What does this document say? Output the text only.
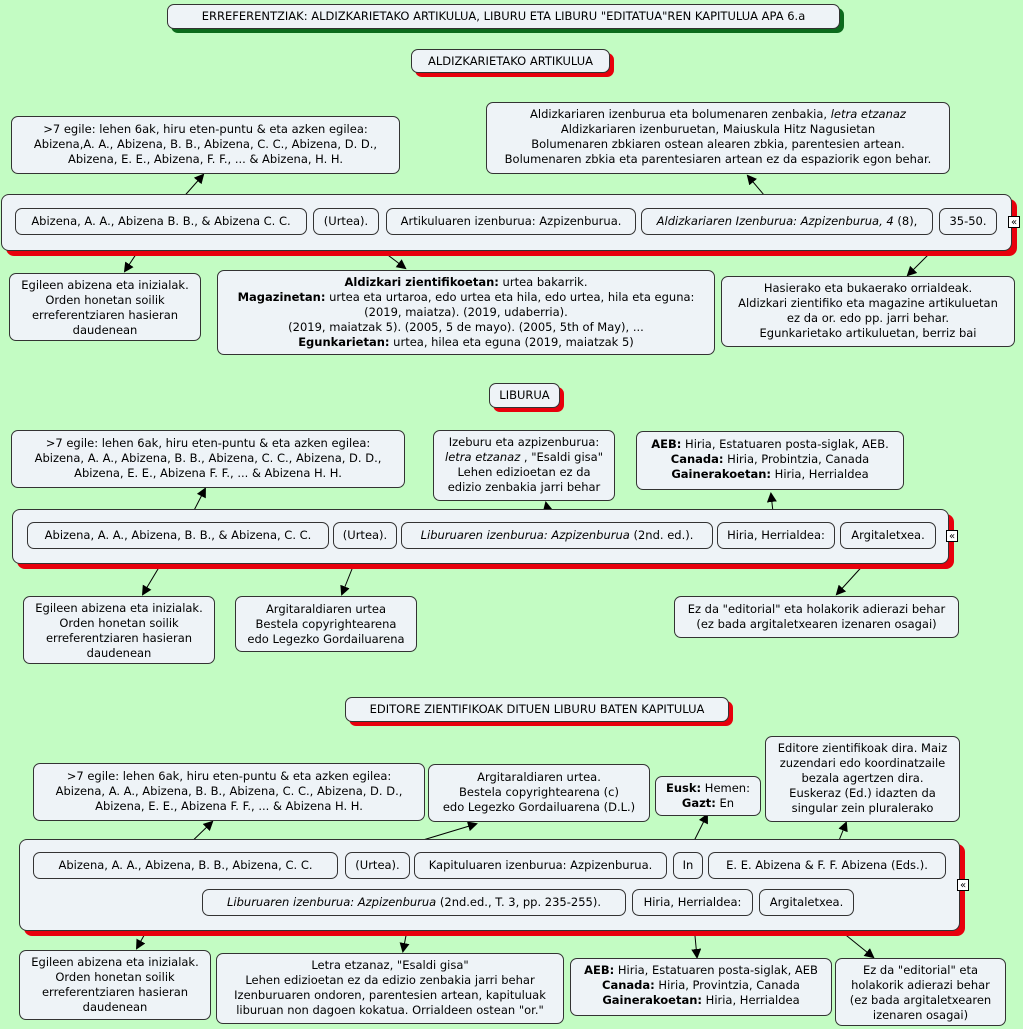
ERREFERENTZIAK: ALDIZKARIETAKO ARTIKULUA, LIBURU ETA LIBURU "EDITATUA"REN KAPITULUA APA 6.a
ALDIZKARIETAKO ARTIKULUA
>7 egile: lehen 6ak, hiru eten-puntu & eta azken egilea:
Abizena,A. A., Abizena, B. B., Abizena, C. C., Abizena, D. D.,
Abizena, E. E., Abizena, F. F., ... & Abizena, H. H.
Aldizkariaren izenburua eta bolumenaren zenbakia, letra etzanaz
Aldizkariaren izenburuetan, Maiuskula Hitz Nagusietan
Bolumenaren zbkiaren ostean alearen zbkia, parentesien artean.
Bolumenaren zbkia eta parentesiaren artean ez da espaziorik egon behar.
«
Abizena, A. A., Abizena B. B., & Abizena C. C.	(Urtea).	Artikuluaren izenburua: Azpizenburua.	Aldizkariaren Izenburua: Azpizenburua, 4 (8),	35-50.
Egileen abizena eta inizialak.
Orden honetan soilik
erreferentziaren hasieran
daudenean
Aldizkari zientifikoetan: urtea bakarrik.
Magazinetan: urtea eta urtaroa, edo urtea eta hila, edo urtea, hila eta eguna:
(2019, maiatza). (2019, udaberria).
(2019, maiatzak 5). (2005, 5 de mayo). (2005, 5th of May), ...
Egunkarietan: urtea, hilea eta eguna (2019, maiatzak 5)
Hasierako eta bukaerako orrialdeak.
Aldizkari zientifiko eta magazine artikuluetan
ez da or. edo pp. jarri behar.
Egunkarietako artikuluetan, berriz bai
LIBURUA
>7 egile: lehen 6ak, hiru eten-puntu & eta azken egilea:
Abizena, A. A., Abizena, B. B., Abizena, C. C., Abizena, D. D.,
Abizena, E. E., Abizena F. F., ... & Abizena H. H.
Izeburu eta azpizenburua:
letra etzanaz , "Esaldi gisa"
Lehen edizioetan ez da
edizio zenbakia jarri behar
AEB: Hiria, Estatuaren posta-siglak, AEB.
Canada: Hiria, Probintzia, Canada
Gainerakoetan: Hiria, Herrialdea
«
Abizena, A. A., Abizena, B. B., & Abizena, C. C.	(Urtea).	Liburuaren izenburua: Azpizenburua (2nd. ed.).	Hiria, Herrialdea:	Argitaletxea.
Egileen abizena eta inizialak.
Orden honetan soilik
erreferentziaren hasieran
daudenean
Argitaraldiaren urtea
Bestela copyrightearena
edo Legezko Gordailuarena
Ez da "editorial" eta holakorik adierazi behar
(ez bada argitaletxearen izenaren osagai)
EDITORE ZIENTIFIKOAK DITUEN LIBURU BATEN KAPITULUA
>7 egile: lehen 6ak, hiru eten-puntu & eta azken egilea:
Abizena, A. A., Abizena, B. B., Abizena, C. C., Abizena, D. D.,
Abizena, E. E., Abizena F. F., ... & Abizena H. H.
Argitaraldiaren urtea.
Bestela copyrightearena (c)
edo Legezko Gordailuarena (D.L.)
Eusk: Hemen:
Gazt: En
Editore zientifikoak dira. Maiz
zuzendari edo koordinatzaile
bezala agertzen dira.
Euskeraz (Ed.) idazten da
singular zein pluralerako
«
Abizena, A. A., Abizena, B. B., Abizena, C. C.	(Urtea).	Kapituluaren izenburua: Azpizenburua.	In	E. E. Abizena & F. F. Abizena (Eds.).
Liburuaren izenburua: Azpizenburua (2nd.ed., T. 3, pp. 235-255).	Hiria, Herrialdea:	Argitaletxea.
Egileen abizena eta inizialak.
Orden honetan soilik
erreferentziaren hasieran
daudenean
Letra etzanaz, "Esaldi gisa"
Lehen edizioetan ez da edizio zenbakia jarri behar
Izenburuaren ondoren, parentesien artean, kapituluak
liburuan non dagoen kokatua. Orrialdeen ostean "or."
AEB: Hiria, Estatuaren posta-siglak, AEB
Canada: Hiria, Provintzia, Canada
Gainerakoetan: Hiria, Herrialdea
Ez da "editorial" eta
holakorik adierazi behar
(ez bada argitaletxearen
izenaren osagai)
